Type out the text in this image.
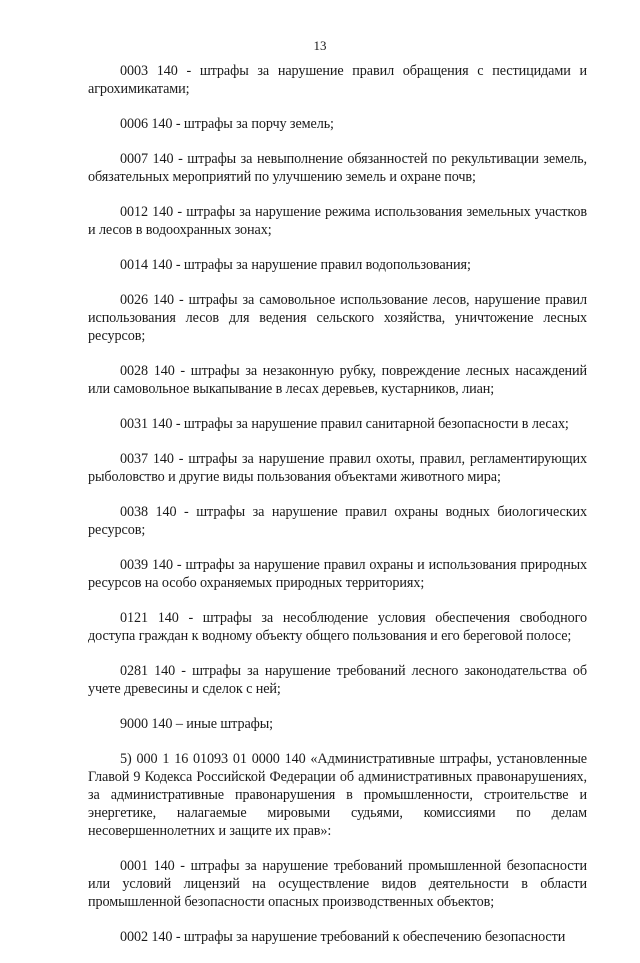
13

0003 140 - штрафы за нарушение правил обращения с пестицидами и агрохимикатами;

0006 140 - штрафы за порчу земель;

0007 140 - штрафы за невыполнение обязанностей по рекультивации земель, обязательных мероприятий по улучшению земель и охране почв;

0012 140 - штрафы за нарушение режима использования земельных участков и лесов в водоохранных зонах;

0014 140 - штрафы за нарушение правил водопользования;

0026 140 - штрафы за самовольное использование лесов, нарушение правил использования лесов для ведения сельского хозяйства, уничтожение лесных ресурсов;

0028 140 - штрафы за незаконную рубку, повреждение лесных насаждений или самовольное выкапывание в лесах деревьев, кустарников, лиан;

0031 140 - штрафы за нарушение правил санитарной безопасности в лесах;

0037 140 - штрафы за нарушение правил охоты, правил, регламентирующих рыболовство и другие виды пользования объектами животного мира;

0038 140 - штрафы за нарушение правил охраны водных биологических ресурсов;

0039 140 - штрафы за нарушение правил охраны и использования природных ресурсов на особо охраняемых природных территориях;

0121 140 - штрафы за несоблюдение условия обеспечения свободного доступа граждан к водному объекту общего пользования и его береговой полосе;

0281 140 - штрафы за нарушение требований лесного законодательства об учете древесины и сделок с ней;

9000 140 – иные штрафы;

5) 000 1 16 01093 01 0000 140 «Административные штрафы, установленные Главой 9 Кодекса Российской Федерации об административных правонарушениях, за административные правонарушения в промышленности, строительстве и энергетике, налагаемые мировыми судьями, комиссиями по делам несовершеннолетних и защите их прав»:

0001 140 - штрафы за нарушение требований промышленной безопасности или условий лицензий на осуществление видов деятельности в области промышленной безопасности опасных производственных объектов;

0002 140 - штрафы за нарушение требований к обеспечению безопасности
